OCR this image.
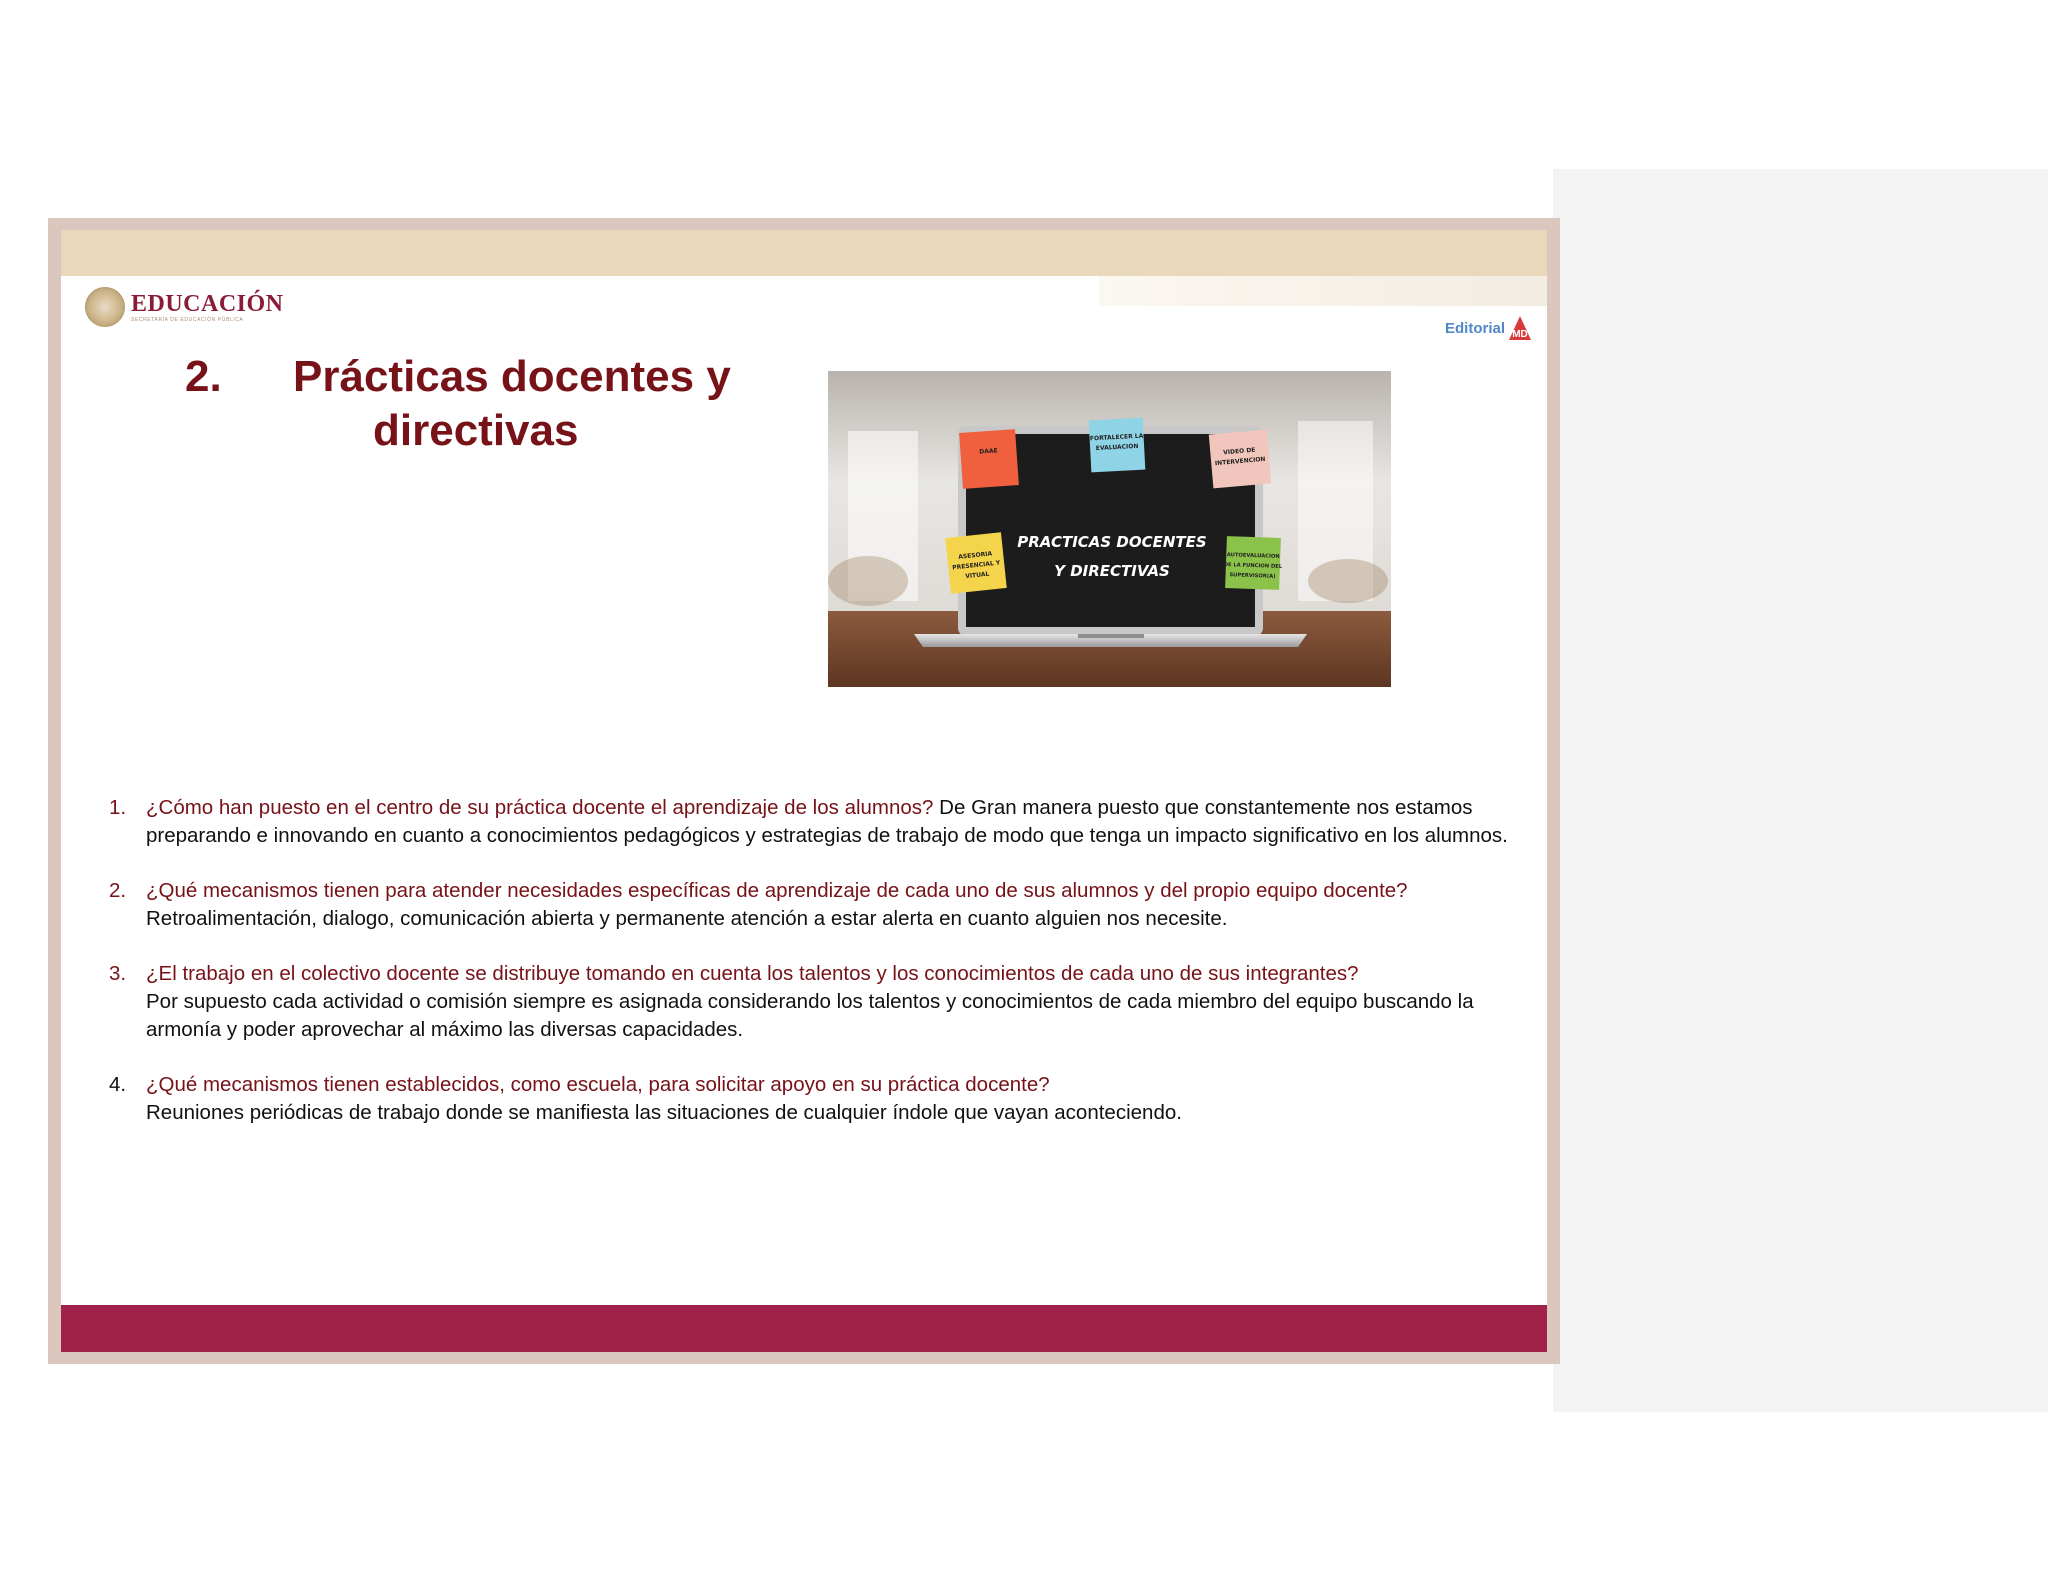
EDUCACIÓN
SECRETARÍA DE EDUCACIÓN PÚBLICA	Editorial MD
2.	Prácticas docentes y
directivas
PRACTICAS DOCENTES
Y DIRECTIVAS
DAAE
FORTALECER LA
EVALUACION	VIDEO DE
INTERVENCION
ASESORIA
PRESENCIAL Y
VITUAL
AUTOEVALUACION
DE LA FUNCION DEL
SUPERVISOR(A)
1. ¿Cómo han puesto en el centro de su práctica docente el aprendizaje de los alumnos? De Gran manera puesto que constantemente nos estamos preparando e innovando en cuanto a conocimientos pedagógicos y estrategias de trabajo de modo que tenga un impacto significativo en los alumnos.
2. ¿Qué mecanismos tienen para atender necesidades específicas de aprendizaje de cada uno de sus alumnos y del propio equipo docente?
Retroalimentación, dialogo, comunicación abierta y permanente atención a estar alerta en cuanto alguien nos necesite.
3. ¿El trabajo en el colectivo docente se distribuye tomando en cuenta los talentos y los conocimientos de cada uno de sus integrantes?
Por supuesto cada actividad o comisión siempre es asignada considerando los talentos y conocimientos de cada miembro del equipo buscando la armonía y poder aprovechar al máximo las diversas capacidades.
4. ¿Qué mecanismos tienen establecidos, como escuela, para solicitar apoyo en su práctica docente?
Reuniones periódicas de trabajo donde se manifiesta las situaciones de cualquier índole que vayan aconteciendo.
